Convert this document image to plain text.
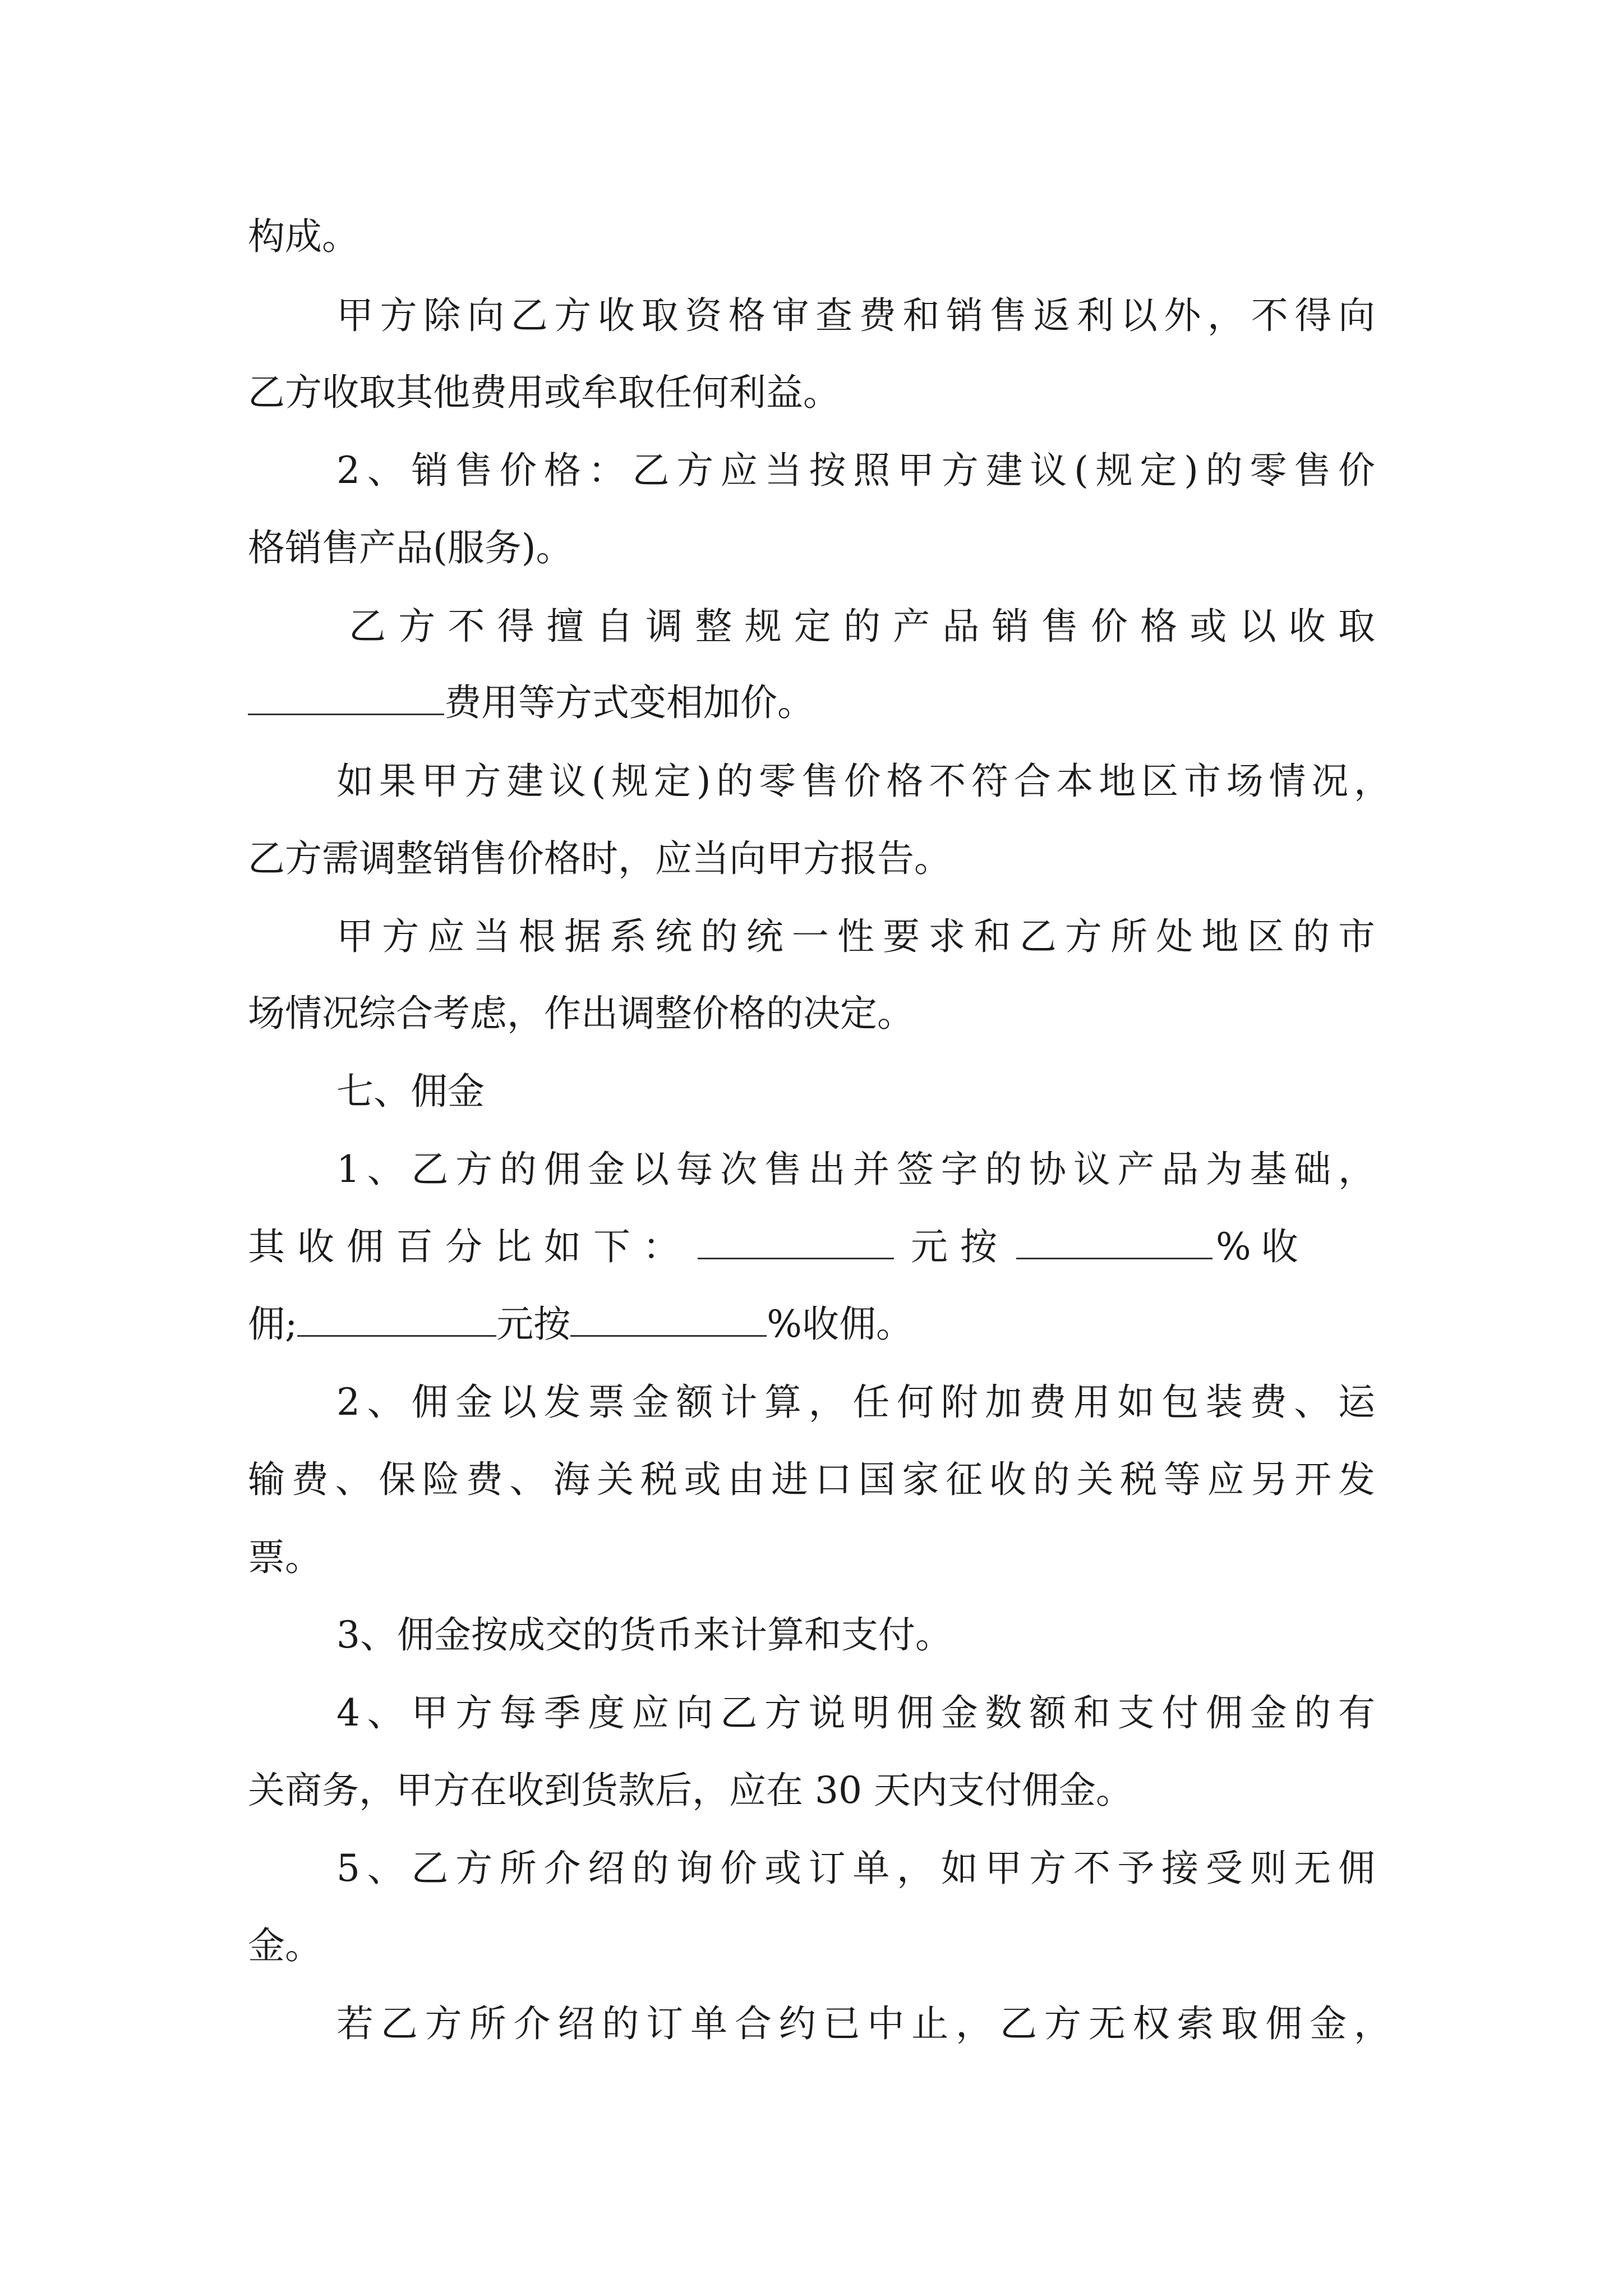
构成。
甲方除向乙方收取资格审查费和销售返利以外，不得向
乙方收取其他费用或牟取任何利益。
2、销售价格：乙方应当按照甲方建议(规定)的零售价
格销售产品(服务)。
乙方不得擅自调整规定的产品销售价格或以收取
费用等方式变相加价。
如果甲方建议(规定)的零售价格不符合本地区市场情况，
乙方需调整销售价格时，应当向甲方报告。
甲方应当根据系统的统一性要求和乙方所处地区的市
场情况综合考虑，作出调整价格的决定。
七、佣金
1、乙方的佣金以每次售出并签字的协议产品为基础，
其收佣百分比如下：	元按	%收
佣;	元按	%收佣。
2、佣金以发票金额计算，任何附加费用如包装费、运
输费、保险费、海关税或由进口国家征收的关税等应另开发
票。
3、佣金按成交的货币来计算和支付。
4、甲方每季度应向乙方说明佣金数额和支付佣金的有
关商务，甲方在收到货款后，应在 30 天内支付佣金。
5、乙方所介绍的询价或订单，如甲方不予接受则无佣
金。
若乙方所介绍的订单合约已中止，乙方无权索取佣金，
